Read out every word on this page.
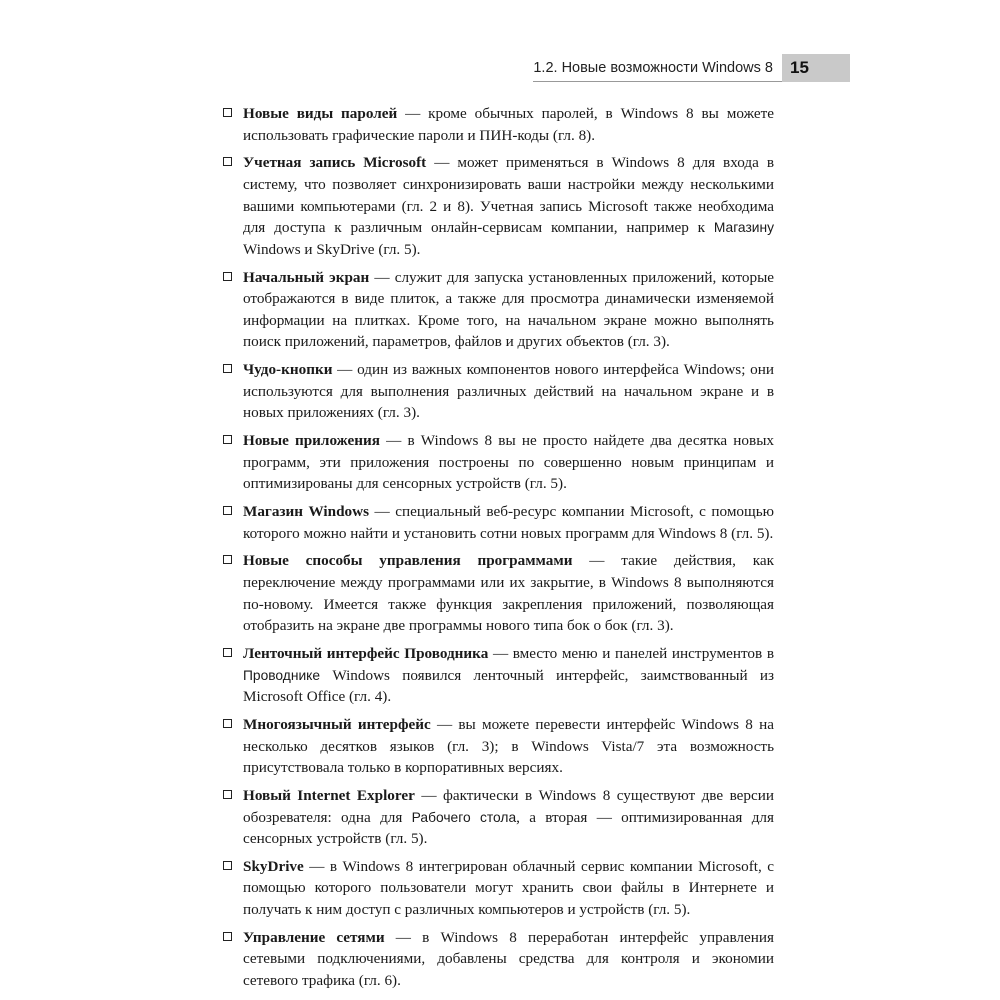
1.2. Новые возможности Windows 8	15
Новые виды паролей — кроме обычных паролей, в Windows 8 вы можете использовать графические пароли и ПИН-коды (гл. 8).
Учетная запись Microsoft — может применяться в Windows 8 для входа в систему, что позволяет синхронизировать ваши настройки между несколькими вашими компьютерами (гл. 2 и 8). Учетная запись Microsoft также необходима для доступа к различным онлайн-сервисам компании, например к Магазину Windows и SkyDrive (гл. 5).
Начальный экран — служит для запуска установленных приложений, которые отображаются в виде плиток, а также для просмотра динамически изменяемой информации на плитках. Кроме того, на начальном экране можно выполнять поиск приложений, параметров, файлов и других объектов (гл. 3).
Чудо-кнопки — один из важных компонентов нового интерфейса Windows; они используются для выполнения различных действий на начальном экране и в новых приложениях (гл. 3).
Новые приложения — в Windows 8 вы не просто найдете два десятка новых программ, эти приложения построены по совершенно новым принципам и оптимизированы для сенсорных устройств (гл. 5).
Магазин Windows — специальный веб-ресурс компании Microsoft, с помощью которого можно найти и установить сотни новых программ для Windows 8 (гл. 5).
Новые способы управления программами — такие действия, как переключение между программами или их закрытие, в Windows 8 выполняются по-новому. Имеется также функция закрепления приложений, позволяющая отобразить на экране две программы нового типа бок о бок (гл. 3).
Ленточный интерфейс Проводника — вместо меню и панелей инструментов в Проводнике Windows появился ленточный интерфейс, заимствованный из Microsoft Office (гл. 4).
Многоязычный интерфейс — вы можете перевести интерфейс Windows 8 на несколько десятков языков (гл. 3); в Windows Vista/7 эта возможность присутствовала только в корпоративных версиях.
Новый Internet Explorer — фактически в Windows 8 существуют две версии обозревателя: одна для Рабочего стола, а вторая — оптимизированная для сенсорных устройств (гл. 5).
SkyDrive — в Windows 8 интегрирован облачный сервис компании Microsoft, с помощью которого пользователи могут хранить свои файлы в Интернете и получать к ним доступ с различных компьютеров и устройств (гл. 5).
Управление сетями — в Windows 8 переработан интерфейс управления сетевыми подключениями, добавлены средства для контроля и экономии сетевого трафика (гл. 6).
